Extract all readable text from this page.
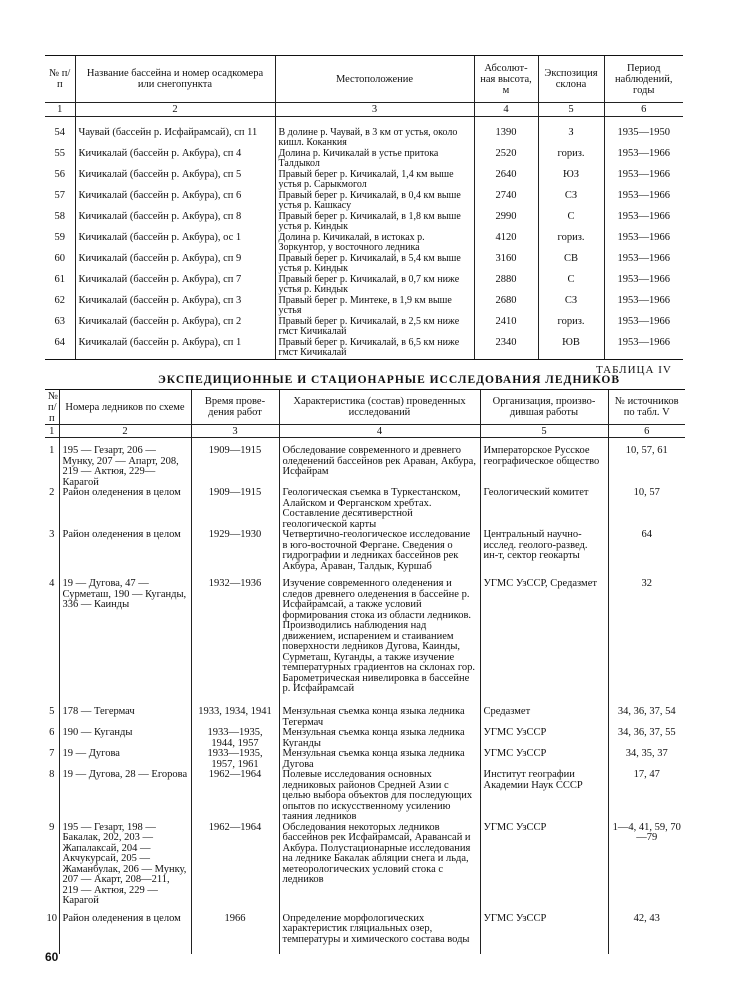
№ п/п	Название бассейна и номер осадкомера или снегопункта	Местоположение	Абсолют- ная высота, м	Экспозиция склона	Период наблюдений, годы
1	2	3	4	5	6
54	Чаувай (бассейн р. Исфайрамсай), сп 11	В долине р. Чаувай, в 3 км от устья, около кишл. Коканкия	1390	З	1935—1950
55	Кичикалай (бассейн р. Акбура), сп 4	Долина р. Кичикалай в устье притока Талдыкол	2520	гориз.	1953—1966
56	Кичикалай (бассейн р. Акбура), сп 5	Правый берег р. Кичикалай, 1,4 км выше устья р. Сарыкмогол	2640	ЮЗ	1953—1966
57	Кичикалай (бассейн р. Акбура), сп 6	Правый берег р. Кичикалай, в 0,4 км выше устья р. Кашкасу	2740	СЗ	1953—1966
58	Кичикалай (бассейн р. Акбура), сп 8	Правый берег р. Кичикалай, в 1,8 км выше устья р. Киндык	2990	С	1953—1966
59	Кичикалай (бассейн р. Акбура), ос 1	Долина р. Кичикалай, в истоках р. Зоркунтор, у восточного ледника	4120	гориз.	1953—1966
60	Кичикалай (бассейн р. Акбура), сп 9	Правый берег р. Кичикалай, в 5,4 км выше устья р. Киндык	3160	СВ	1953—1966
61	Кичикалай (бассейн р. Акбура), сп 7	Правый берег р. Кичикалай, в 0,7 км ниже устья р. Киндык	2880	С	1953—1966
62	Кичикалай (бассейн р. Акбура), сп 3	Правый берег р. Минтеке, в 1,9 км выше устья	2680	СЗ	1953—1966
63	Кичикалай (бассейн р. Акбура), сп 2	Правый берег р. Кичикалай, в 2,5 км ниже гмст Кичикалай	2410	гориз.	1953—1966
64	Кичикалай (бассейн р. Акбура), сп 1	Правый берег р. Кичикалай, в 6,5 км ниже гмст Кичикалай	2340	ЮВ	1953—1966
ТАБЛИЦА IV
ЭКСПЕДИЦИОННЫЕ И СТАЦИОНАРНЫЕ ИССЛЕДОВАНИЯ ЛЕДНИКОВ
№ п/п	Номера ледников по схеме	Время прове- дения работ	Характеристика (состав) проведенных исследований	Организация, произво- дившая работы	№ источников по табл. V
1	2	3	4	5	6
1	195 — Гезарт, 206 — Мунку, 207 — Апарт, 208, 219 — Актюя, 229—Карагой	1909—1915	Обследование современного и древнего оледенений бассейнов рек Араван, Акбура, Исфайрам	Императорское Русское географическое общество	10, 57, 61
2	Район оледенения в целом	1909—1915	Геологическая съемка в Туркестанском, Алайском и Ферганском хребтах. Составление десятиверстной геологической карты	Геологический комитет	10, 57
3	Район оледенения в целом	1929—1930	Четвертично-геологическое исследование в юго-восточной Фергане. Сведения о гидрографии и ледниках бассейнов рек Акбура, Араван, Талдык, Куршаб	Центральный научно-исслед. геолого-развед. ин-т, сектор геокарты	64
4	19 — Дугова, 47 — Сурметаш, 190 — Куганды, 336 — Каинды	1932—1936	Изучение современного оледенения и следов древнего оледенения в бассейне р. Исфайрамсай, а также условий формирования стока из области ледников. Производились наблюдения над движением, испарением и стаиванием поверхности ледников Дугова, Каинды, Сурметаш, Куганды, а также изучение температурных градиентов на склонах гор. Барометрическая нивелировка в бассейне р. Исфайрамсай	УГМС УзССР, Средазмет	32
5	178 — Тегермач	1933, 1934, 1941	Мензульная съемка конца языка ледника Тегермач	Средазмет	34, 36, 37, 54
6	190 — Куганды	1933—1935, 1944, 1957	Мензульная съемка конца языка ледника Куганды	УГМС УзССР	34, 36, 37, 55
7	19 — Дугова	1933—1935, 1957, 1961	Мензульная съемка конца языка ледника Дугова	УГМС УзССР	34, 35, 37
8	19 — Дугова, 28 — Егорова	1962—1964	Полевые исследования основных ледниковых районов Средней Азии с целью выбора объектов для последующих опытов по искусственному усилению таяния ледников	Институт географии Академии Наук СССР	17, 47
9	195 — Гезарт, 198 — Бакалак, 202, 203 — Жапалаксай, 204 — Акчукурсай, 205 — Жаманбулак, 206 — Мунку, 207 — Акарт, 208—211, 219 — Актюя, 229 — Карагой	1962—1964	Обследования некоторых ледников бассейнов рек Исфайрамсай, Аравансай и Акбура. Полустационарные исследования на леднике Бакалак абляции снега и льда, метеорологических условий стока с ледников	УГМС УзССР	1—4, 41, 59, 70—79
10	Район оледенения в целом	1966	Определение морфологических характеристик гляциальных озер, температуры и химического состава воды	УГМС УзССР	42, 43
60
